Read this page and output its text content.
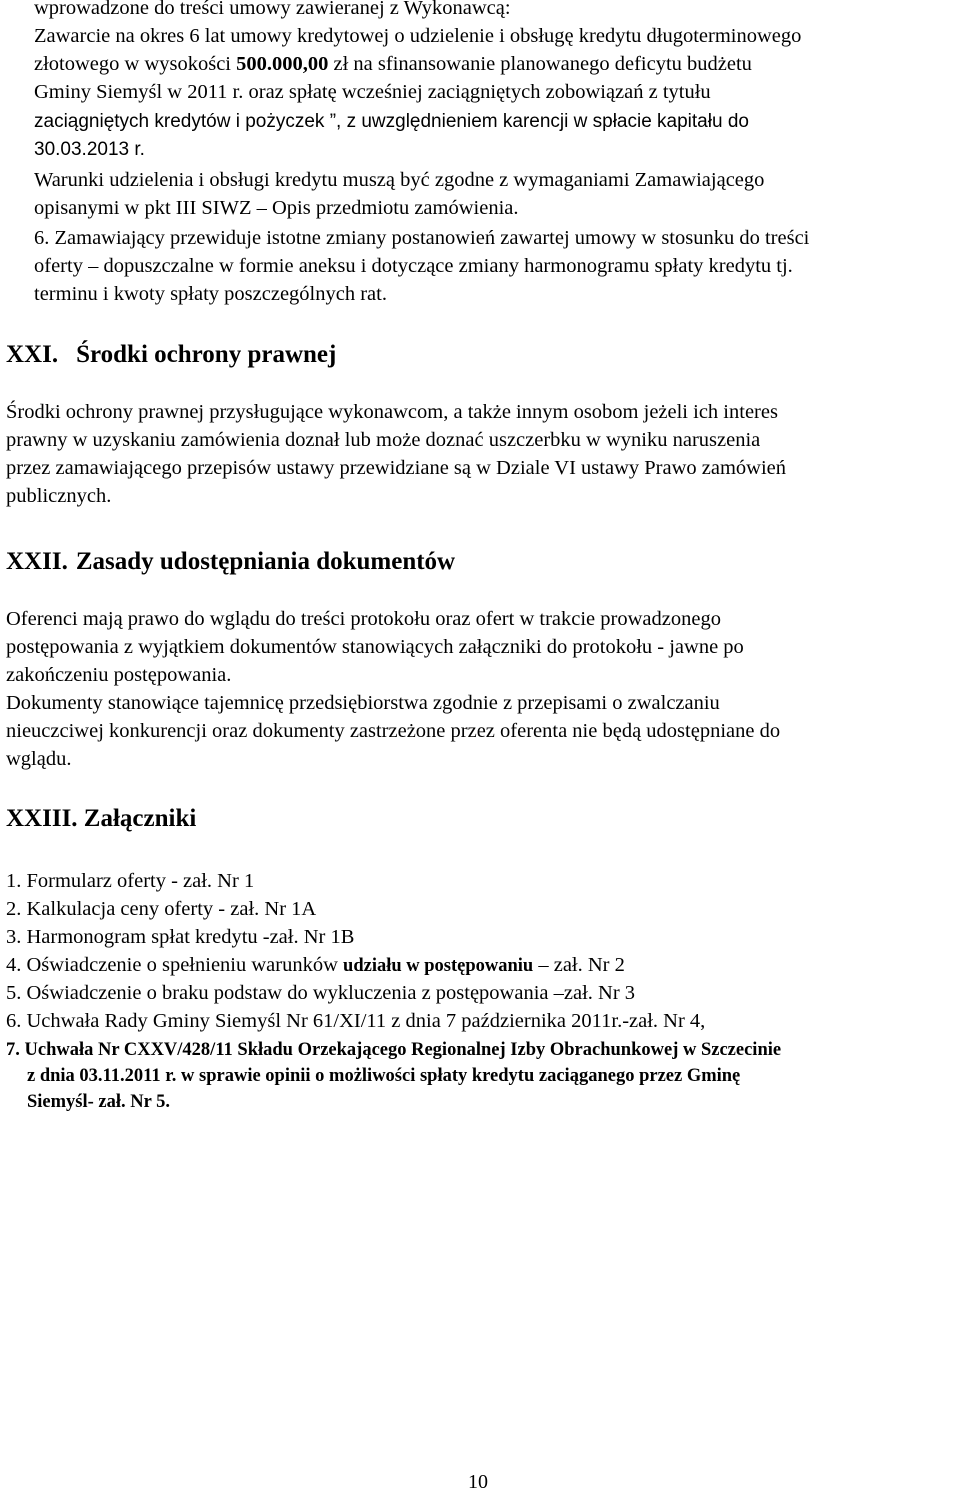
wprowadzone do treści umowy zawieranej z Wykonawcą:
Zawarcie na okres 6 lat umowy kredytowej o udzielenie i obsługę kredytu długoterminowego
złotowego w wysokości 500.000,00 zł na sfinansowanie planowanego deficytu budżetu
Gminy Siemyśl w 2011 r. oraz spłatę wcześniej zaciągniętych zobowiązań z tytułu
zaciągniętych kredytów i pożyczek ”, z uwzględnieniem karencji w spłacie kapitału do
30.03.2013 r.
Warunki udzielenia i obsługi kredytu muszą być zgodne z wymaganiami Zamawiającego
opisanymi w pkt III SIWZ – Opis przedmiotu zamówienia.
6. Zamawiający przewiduje istotne zmiany postanowień zawartej umowy w stosunku do treści
oferty – dopuszczalne w formie aneksu i dotyczące zmiany harmonogramu spłaty kredytu tj.
terminu i kwoty spłaty poszczególnych rat.
XXI. Środki ochrony prawnej
Środki ochrony prawnej przysługujące wykonawcom, a także innym osobom jeżeli ich interes
prawny w uzyskaniu zamówienia doznał lub może doznać uszczerbku w wyniku naruszenia
przez zamawiającego przepisów ustawy przewidziane są w Dziale VI ustawy Prawo zamówień
publicznych.
XXII. Zasady udostępniania dokumentów
Oferenci mają prawo do wglądu do treści protokołu oraz ofert w trakcie prowadzonego
postępowania z wyjątkiem dokumentów stanowiących załączniki do protokołu - jawne po
zakończeniu postępowania.
Dokumenty stanowiące tajemnicę przedsiębiorstwa zgodnie z przepisami o zwalczaniu
nieuczciwej konkurencji oraz dokumenty zastrzeżone przez oferenta nie będą udostępniane do
wglądu.
XXIII. Załączniki
1. Formularz oferty - zał. Nr 1
2. Kalkulacja ceny oferty - zał. Nr 1A
3. Harmonogram spłat kredytu -zał. Nr 1B
4. Oświadczenie o spełnieniu warunków udziału w postępowaniu – zał. Nr 2
5. Oświadczenie o braku podstaw do wykluczenia z postępowania –zał. Nr 3
6. Uchwała Rady Gminy Siemyśl Nr 61/XI/11 z dnia 7 października 2011r.-zał. Nr 4,
7. Uchwała Nr CXXV/428/11 Składu Orzekającego Regionalnej Izby Obrachunkowej w Szczecinie
z dnia 03.11.2011 r. w sprawie opinii o możliwości spłaty kredytu zaciąganego przez Gminę
Siemyśl- zał. Nr 5.
10
